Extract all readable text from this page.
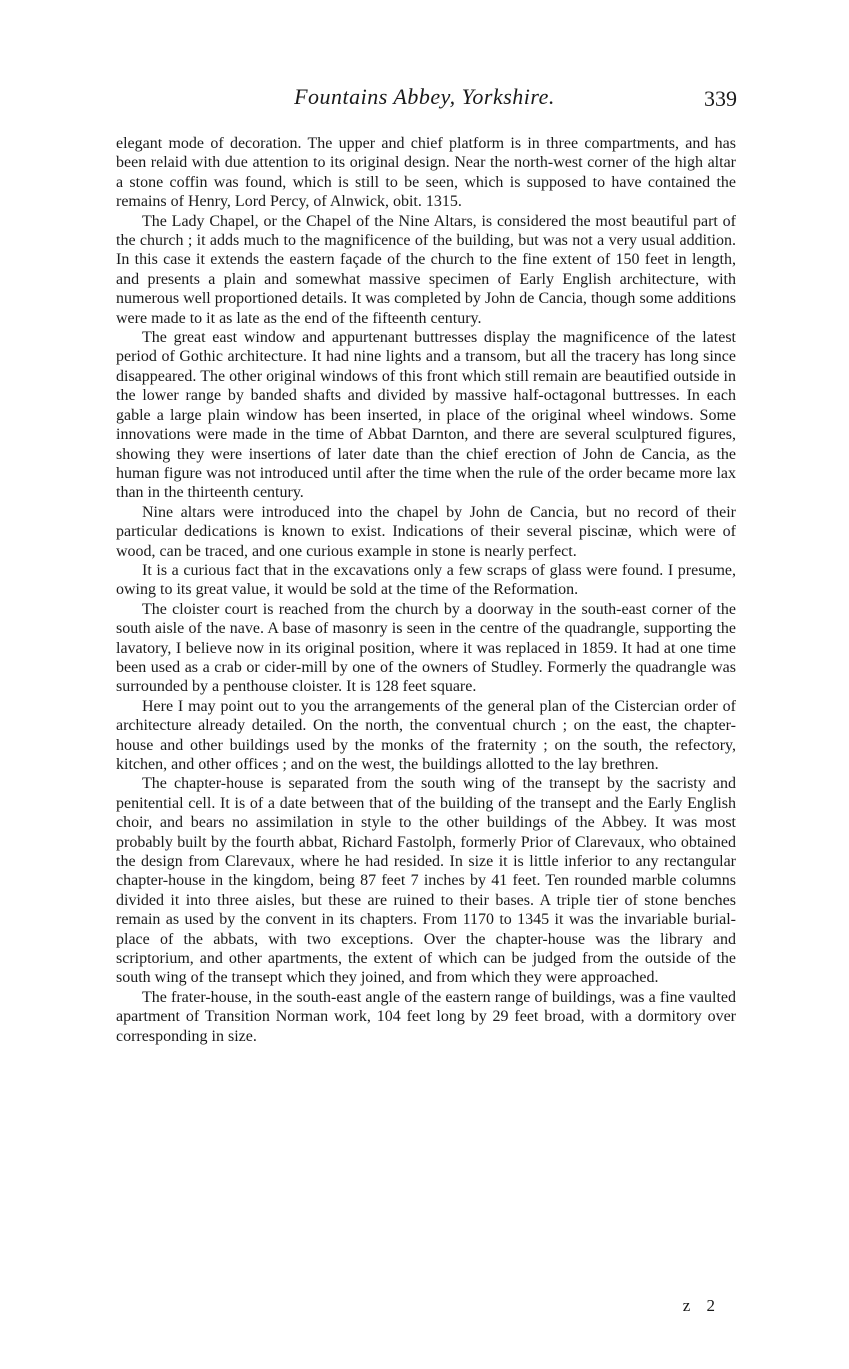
Fountains Abbey, Yorkshire.	339

elegant mode of decoration. The upper and chief platform is in three compartments, and has been relaid with due attention to its original design. Near the north-west corner of the high altar a stone coffin was found, which is still to be seen, which is supposed to have contained the remains of Henry, Lord Percy, of Alnwick, obit. 1315.

The Lady Chapel, or the Chapel of the Nine Altars, is considered the most beautiful part of the church ; it adds much to the magnificence of the building, but was not a very usual addition. In this case it extends the eastern façade of the church to the fine extent of 150 feet in length, and presents a plain and somewhat massive specimen of Early English architecture, with numerous well proportioned details. It was completed by John de Cancia, though some additions were made to it as late as the end of the fifteenth century.

The great east window and appurtenant buttresses display the magnificence of the latest period of Gothic architecture. It had nine lights and a transom, but all the tracery has long since disappeared. The other original windows of this front which still remain are beautified outside in the lower range by banded shafts and divided by massive half-octagonal buttresses. In each gable a large plain window has been inserted, in place of the original wheel windows. Some innovations were made in the time of Abbat Darnton, and there are several sculptured figures, showing they were insertions of later date than the chief erection of John de Cancia, as the human figure was not introduced until after the time when the rule of the order became more lax than in the thirteenth century.

Nine altars were introduced into the chapel by John de Cancia, but no record of their particular dedications is known to exist. Indications of their several piscinæ, which were of wood, can be traced, and one curious example in stone is nearly perfect.

It is a curious fact that in the excavations only a few scraps of glass were found. I presume, owing to its great value, it would be sold at the time of the Reformation.

The cloister court is reached from the church by a doorway in the south-east corner of the south aisle of the nave. A base of masonry is seen in the centre of the quadrangle, supporting the lavatory, I believe now in its original position, where it was replaced in 1859. It had at one time been used as a crab or cider-mill by one of the owners of Studley. Formerly the quadrangle was surrounded by a penthouse cloister. It is 128 feet square.

Here I may point out to you the arrangements of the general plan of the Cistercian order of architecture already detailed. On the north, the conventual church ; on the east, the chapter-house and other buildings used by the monks of the fraternity ; on the south, the refectory, kitchen, and other offices ; and on the west, the buildings allotted to the lay brethren.

The chapter-house is separated from the south wing of the transept by the sacristy and penitential cell. It is of a date between that of the building of the transept and the Early English choir, and bears no assimilation in style to the other buildings of the Abbey. It was most probably built by the fourth abbat, Richard Fastolph, formerly Prior of Clarevaux, who obtained the design from Clarevaux, where he had resided. In size it is little inferior to any rectangular chapter-house in the kingdom, being 87 feet 7 inches by 41 feet. Ten rounded marble columns divided it into three aisles, but these are ruined to their bases. A triple tier of stone benches remain as used by the convent in its chapters. From 1170 to 1345 it was the invariable burial-place of the abbats, with two exceptions. Over the chapter-house was the library and scriptorium, and other apartments, the extent of which can be judged from the outside of the south wing of the transept which they joined, and from which they were approached.

The frater-house, in the south-east angle of the eastern range of buildings, was a fine vaulted apartment of Transition Norman work, 104 feet long by 29 feet broad, with a dormitory over corresponding in size.

z 2
